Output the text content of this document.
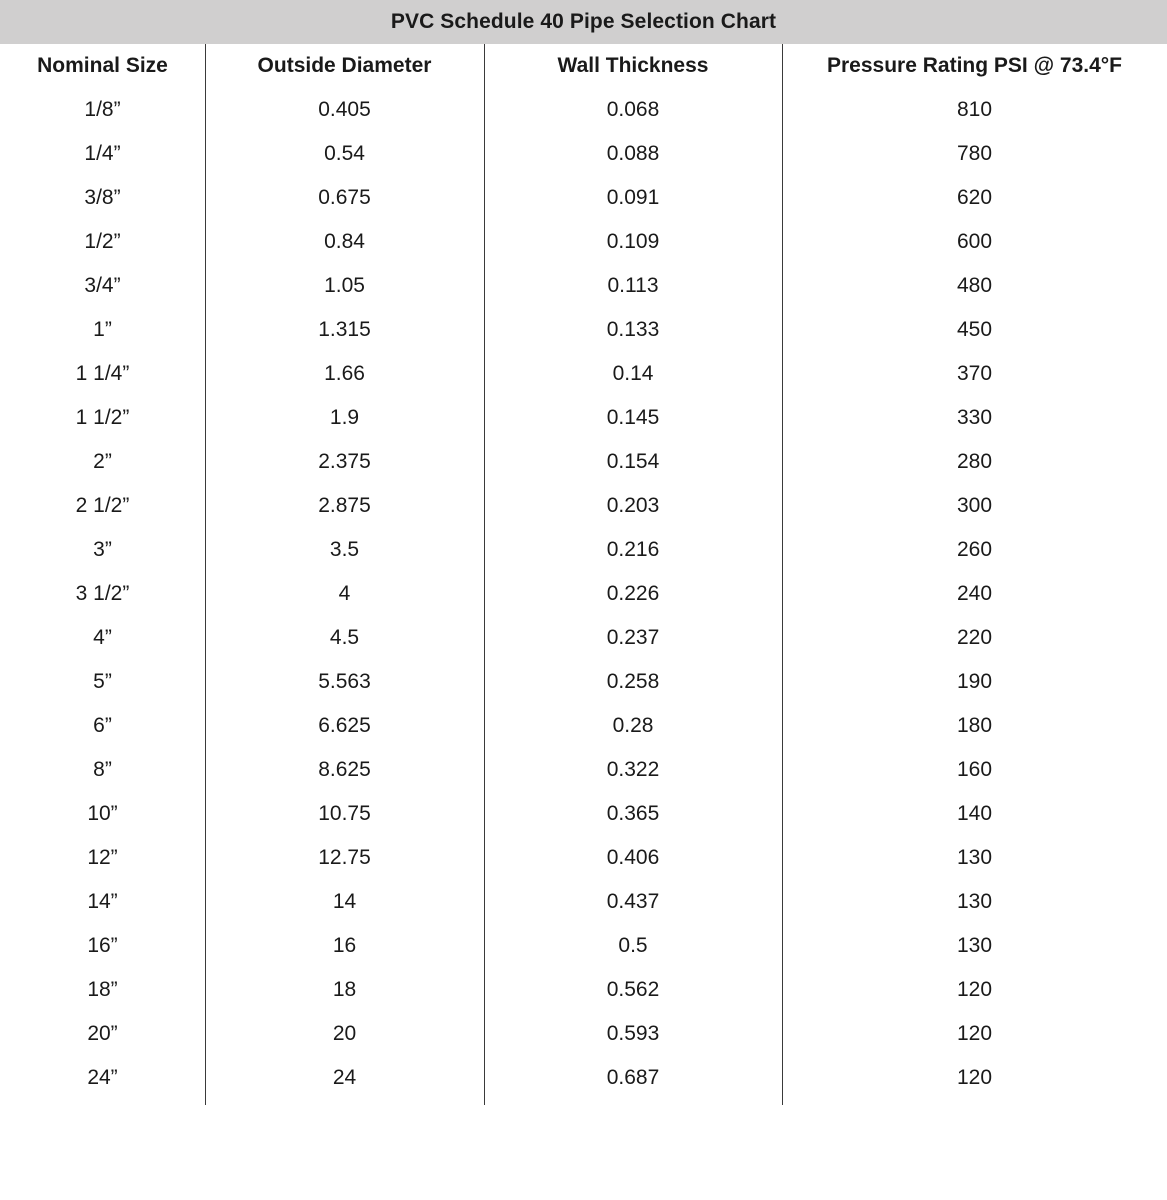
PVC Schedule 40 Pipe Selection Chart
Nominal Size	Outside Diameter	Wall Thickness	Pressure Rating PSI @ 73.4°F
1/8”	0.405	0.068	810
1/4”	0.54	0.088	780
3/8”	0.675	0.091	620
1/2”	0.84	0.109	600
3/4”	1.05	0.113	480
1”	1.315	0.133	450
1 1/4”	1.66	0.14	370
1 1/2”	1.9	0.145	330
2”	2.375	0.154	280
2 1/2”	2.875	0.203	300
3”	3.5	0.216	260
3 1/2”	4	0.226	240
4”	4.5	0.237	220
5”	5.563	0.258	190
6”	6.625	0.28	180
8”	8.625	0.322	160
10”	10.75	0.365	140
12”	12.75	0.406	130
14”	14	0.437	130
16”	16	0.5	130
18”	18	0.562	120
20”	20	0.593	120
24”	24	0.687	120
